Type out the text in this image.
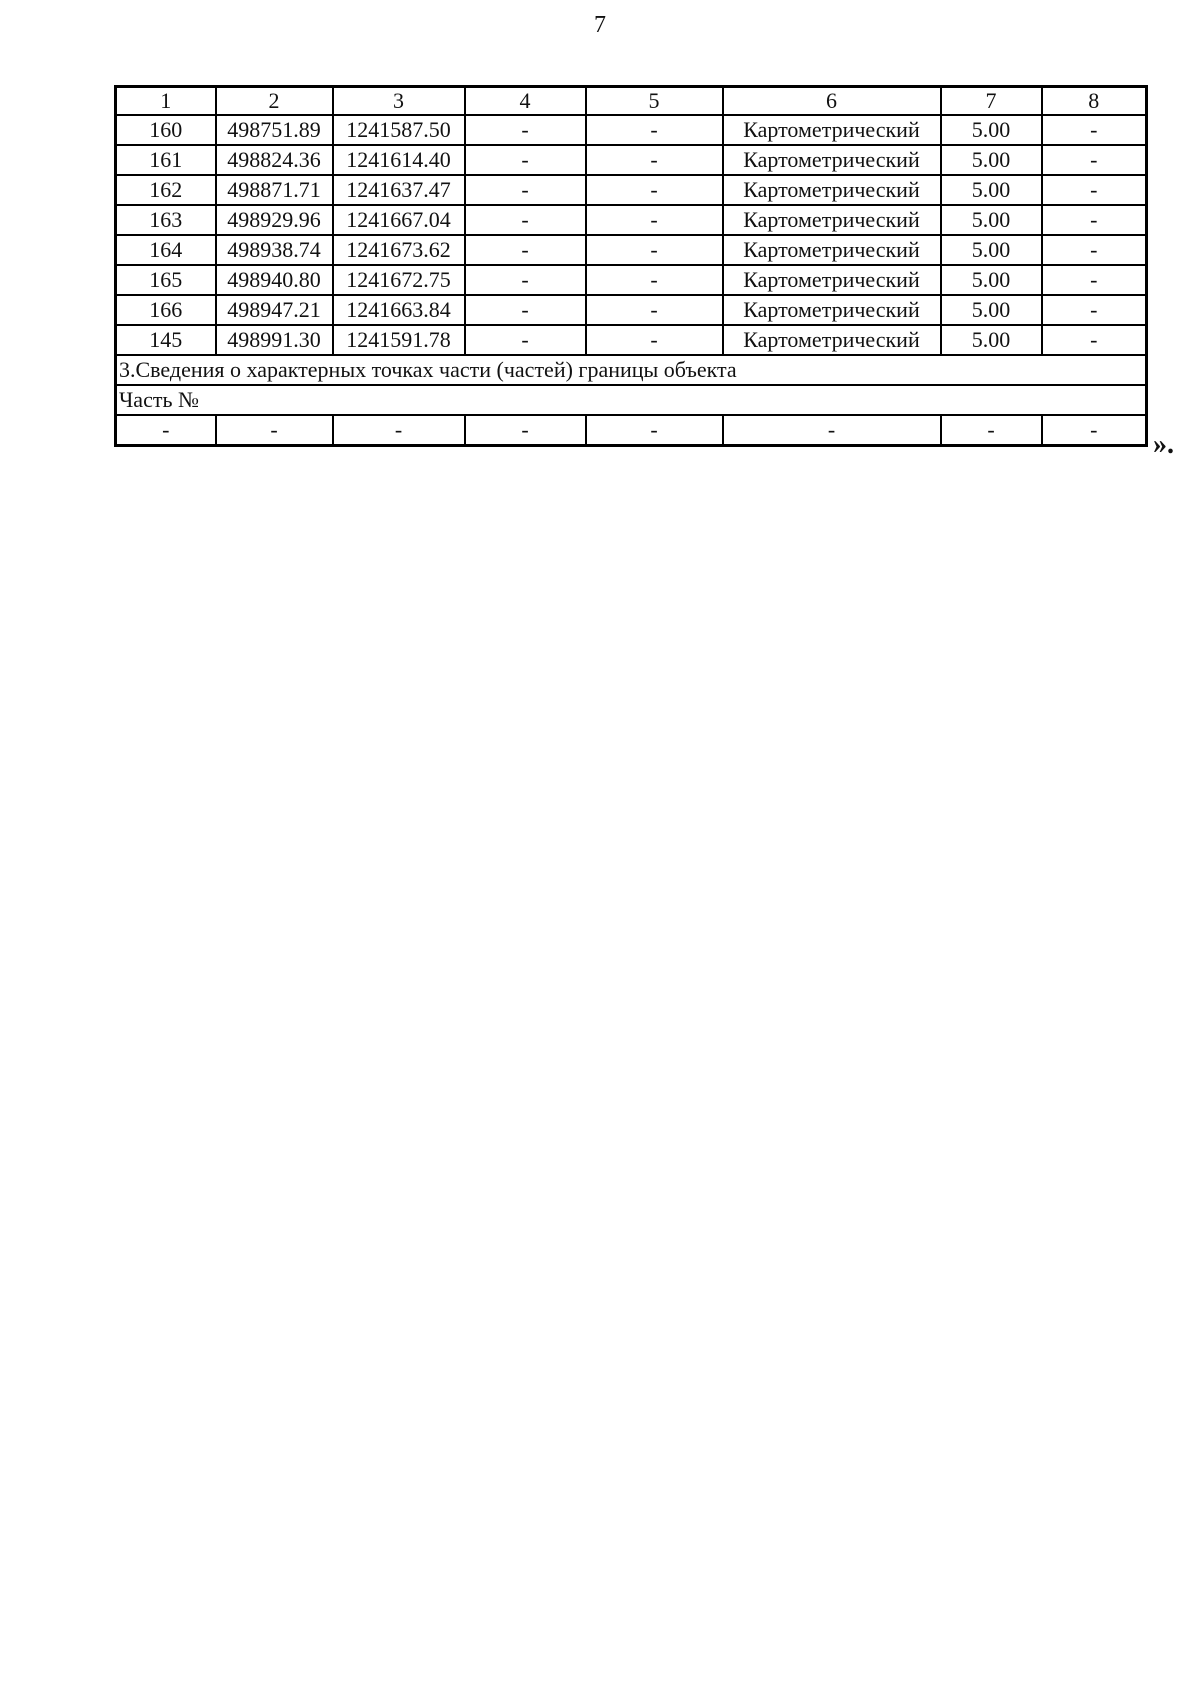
7
1	2	3	4	5	6	7	8
160	498751.89	1241587.50	-	-	Картометрический	5.00	-
161	498824.36	1241614.40	-	-	Картометрический	5.00	-
162	498871.71	1241637.47	-	-	Картометрический	5.00	-
163	498929.96	1241667.04	-	-	Картометрический	5.00	-
164	498938.74	1241673.62	-	-	Картометрический	5.00	-
165	498940.80	1241672.75	-	-	Картометрический	5.00	-
166	498947.21	1241663.84	-	-	Картометрический	5.00	-
145	498991.30	1241591.78	-	-	Картометрический	5.00	-
3.Сведения о характерных точках части (частей) границы объекта							
Часть №							
-	-	-	-	-	-	-	- ».
